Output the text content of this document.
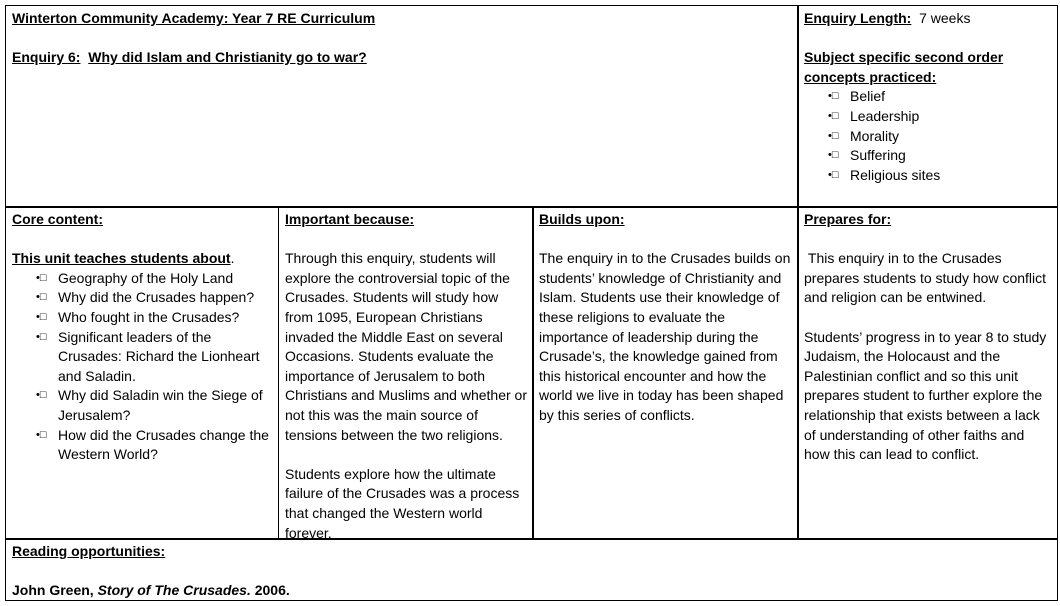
Winterton Community Academy: Year 7 RE Curriculum
Enquiry 6: Why did Islam and Christianity go to war?
Enquiry Length: 7 weeks
Subject specific second order concepts practiced:
•□ Belief
•□ Leadership
•□ Morality
•□ Suffering
•□ Religious sites
Core content:
This unit teaches students about.
•□ Geography of the Holy Land
•□ Why did the Crusades happen?
•□ Who fought in the Crusades?
•□ Significant leaders of the Crusades: Richard the Lionheart and Saladin.
•□ Why did Saladin win the Siege of Jerusalem?
•□ How did the Crusades change the Western World?
Important because:

Through this enquiry, students will explore the controversial topic of the Crusades. Students will study how from 1095, European Christians invaded the Middle East on several Occasions. Students evaluate the importance of Jerusalem to both Christians and Muslims and whether or not this was the main source of tensions between the two religions.

Students explore how the ultimate failure of the Crusades was a process that changed the Western world forever.

Builds upon:

The enquiry in to the Crusades builds on students’ knowledge of Christianity and Islam. Students use their knowledge of these religions to evaluate the importance of leadership during the Crusade’s, the knowledge gained from this historical encounter and how the world we live in today has been shaped by this series of conflicts.

Prepares for:

This enquiry in to the Crusades prepares students to study how conflict and religion can be entwined.

Students’ progress in to year 8 to study Judaism, the Holocaust and the Palestinian conflict and so this unit prepares student to further explore the relationship that exists between a lack of understanding of other faiths and how this can lead to conflict.

Reading opportunities:
John Green, Story of The Crusades. 2006.
